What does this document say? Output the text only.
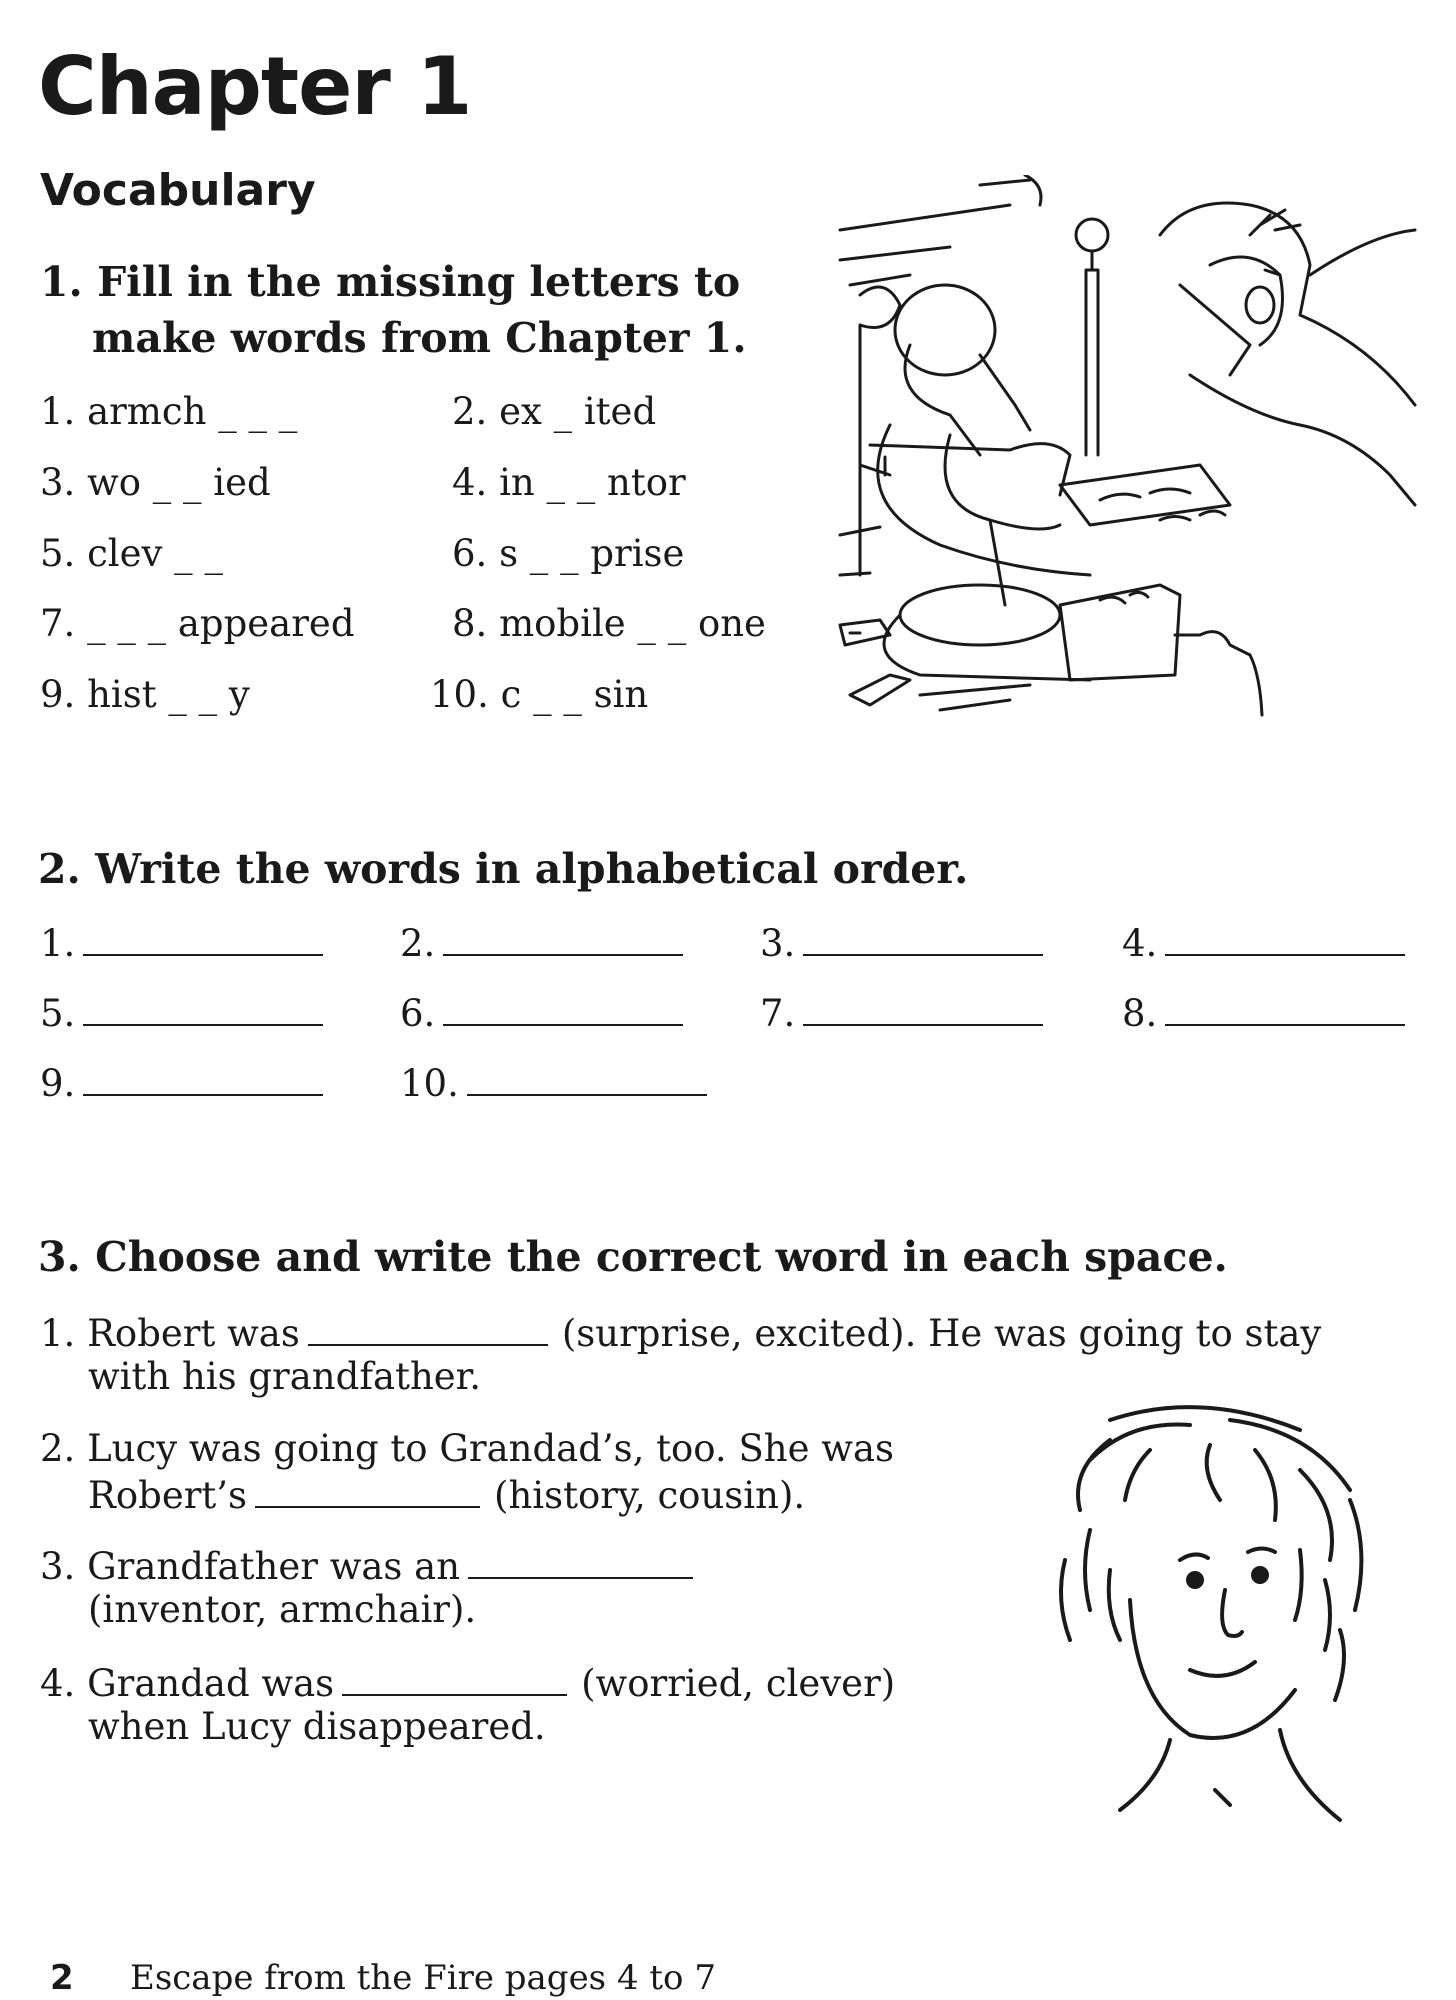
Chapter 1
Vocabulary
1. Fill in the missing letters to
make words from Chapter 1.
1. armch _ _ _	2. ex _ ited
3. wo _ _ ied	4. in _ _ ntor
5. clev _ _	6. s _ _ prise
7. _ _ _ appeared	8. mobile _ _ one
9. hist _ _ y	10. c _ _ sin
2. Write the words in alphabetical order.
1.	2.	3.	4.
5.	6.	7.	8.
9.	10.
3. Choose and write the correct word in each space.
1. Robert was	(surprise, excited). He was going to stay
with his grandfather.
2. Lucy was going to Grandad’s, too. She was
Robert’s	(history, cousin).
3. Grandfather was an
(inventor, armchair).
4. Grandad was	(worried, clever)
when Lucy disappeared.
2 Escape from the Fire pages 4 to 7
